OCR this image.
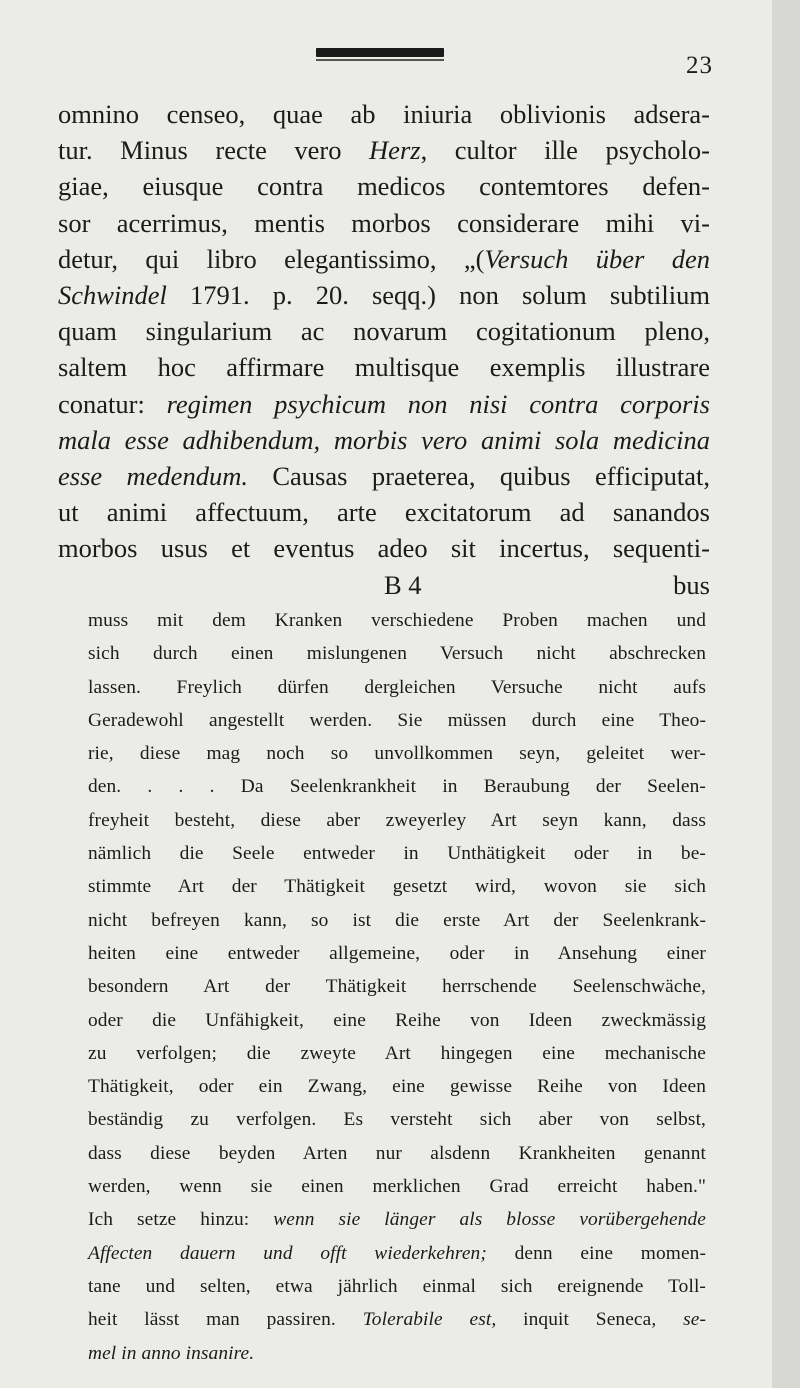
23
omnino censeo, quae ab iniuria oblivionis adsera-
tur. Minus recte vero Herz, cultor ille psycholo-
giae, eiusque contra medicos contemtores defen-
sor acerrimus, mentis morbos considerare mihi vi-
detur, qui libro elegantissimo, „(Versuch über den
Schwindel 1791. p. 20. seqq.) non solum subtilium
quam singularium ac novarum cogitationum pleno,
saltem hoc affirmare multisque exemplis illustrare
conatur: regimen psychicum non nisi contra corporis
mala esse adhibendum, morbis vero animi sola medicina
esse medendum. Causas praeterea, quibus efficiputat,
ut animi affectuum, arte excitatorum ad sanandos
morbos usus et eventus adeo sit incertus, sequenti-
B 4	bus
muss mit dem Kranken verschiedene Proben machen und
sich durch einen mislungenen Versuch nicht abschrecken
lassen. Freylich dürfen dergleichen Versuche nicht aufs
Geradewohl angestellt werden. Sie müssen durch eine Theo-
rie, diese mag noch so unvollkommen seyn, geleitet wer-
den. . . . Da Seelenkrankheit in Beraubung der Seelen-
freyheit besteht, diese aber zweyerley Art seyn kann, dass
nämlich die Seele entweder in Unthätigkeit oder in be-
stimmte Art der Thätigkeit gesetzt wird, wovon sie sich
nicht befreyen kann, so ist die erste Art der Seelenkrank-
heiten eine entweder allgemeine, oder in Ansehung einer
besondern Art der Thätigkeit herrschende Seelenschwäche,
oder die Unfähigkeit, eine Reihe von Ideen zweckmässig
zu verfolgen; die zweyte Art hingegen eine mechanische
Thätigkeit, oder ein Zwang, eine gewisse Reihe von Ideen
beständig zu verfolgen. Es versteht sich aber von selbst,
dass diese beyden Arten nur alsdenn Krankheiten genannt
werden, wenn sie einen merklichen Grad erreicht haben."
Ich setze hinzu: wenn sie länger als blosse vorübergehende
Affecten dauern und offt wiederkehren; denn eine momen-
tane und selten, etwa jährlich einmal sich ereignende Toll-
heit lässt man passiren. Tolerabile est, inquit Seneca, se-
mel in anno insanire.
